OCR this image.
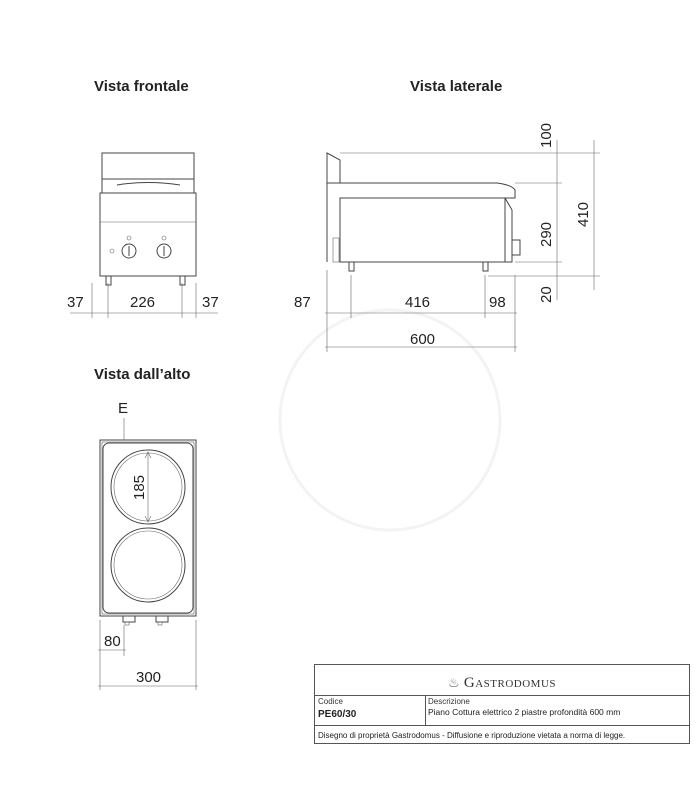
Vista frontale	Vista laterale
Vista dall’alto
37	226	37	87	416	98
600
100
290
410
20
E
185
80
300	♨ Gastrodomus
Codice
PE60/30
Descrizione
Piano Cottura elettrico 2 piastre profondità 600 mm
Disegno di proprietà Gastrodomus - Diffusione e riproduzione vietata a norma di legge.
